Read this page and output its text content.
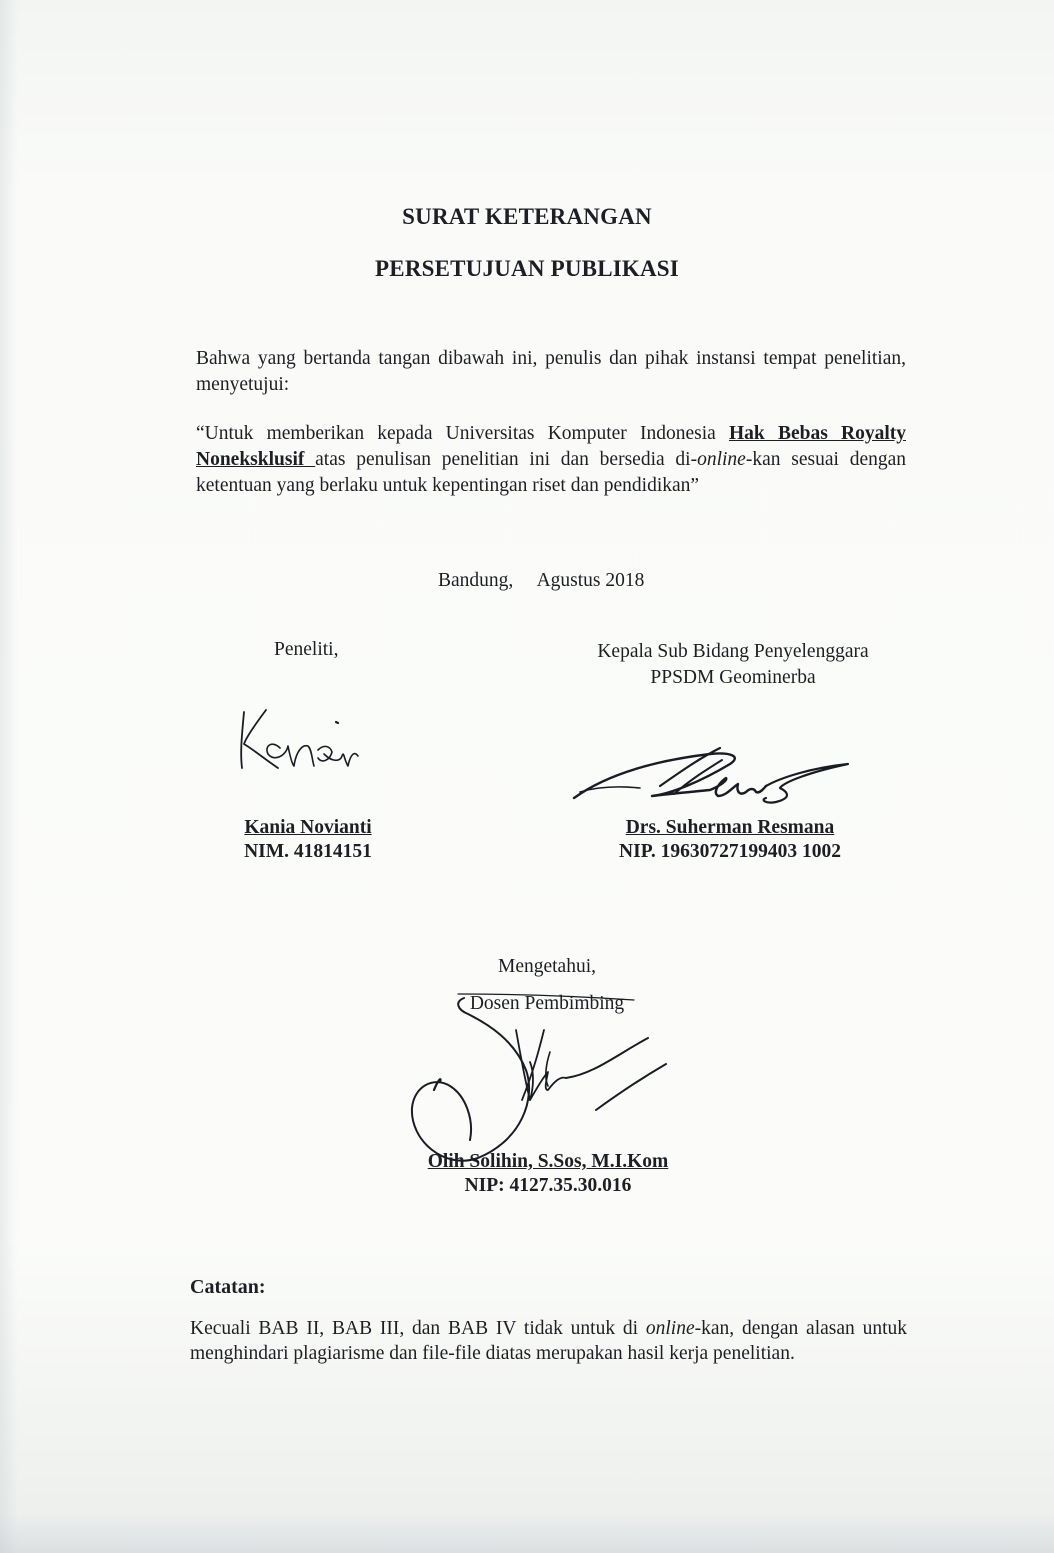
SURAT KETERANGAN
PERSETUJUAN PUBLIKASI
Bahwa yang bertanda tangan dibawah ini, penulis dan pihak instansi tempat penelitian, menyetujui:
“Untuk memberikan kepada Universitas Komputer Indonesia Hak Bebas Royalty Noneksklusif atas penulisan penelitian ini dan bersedia di-online-kan sesuai dengan ketentuan yang berlaku untuk kepentingan riset dan pendidikan”
Bandung,     Agustus 2018
Peneliti,	Kepala Sub Bidang Penyelenggara
PPSDM Geominerba
Kania Novianti
NIM. 41814151
Drs. Suherman Resmana
NIP. 19630727199403 1002
Mengetahui,
Dosen Pembimbing
Olih Solihin, S.Sos, M.I.Kom
NIP: 4127.35.30.016
Catatan:
Kecuali BAB II, BAB III, dan BAB IV tidak untuk di online-kan, dengan alasan untuk menghindari plagiarisme dan file-file diatas merupakan hasil kerja penelitian.
